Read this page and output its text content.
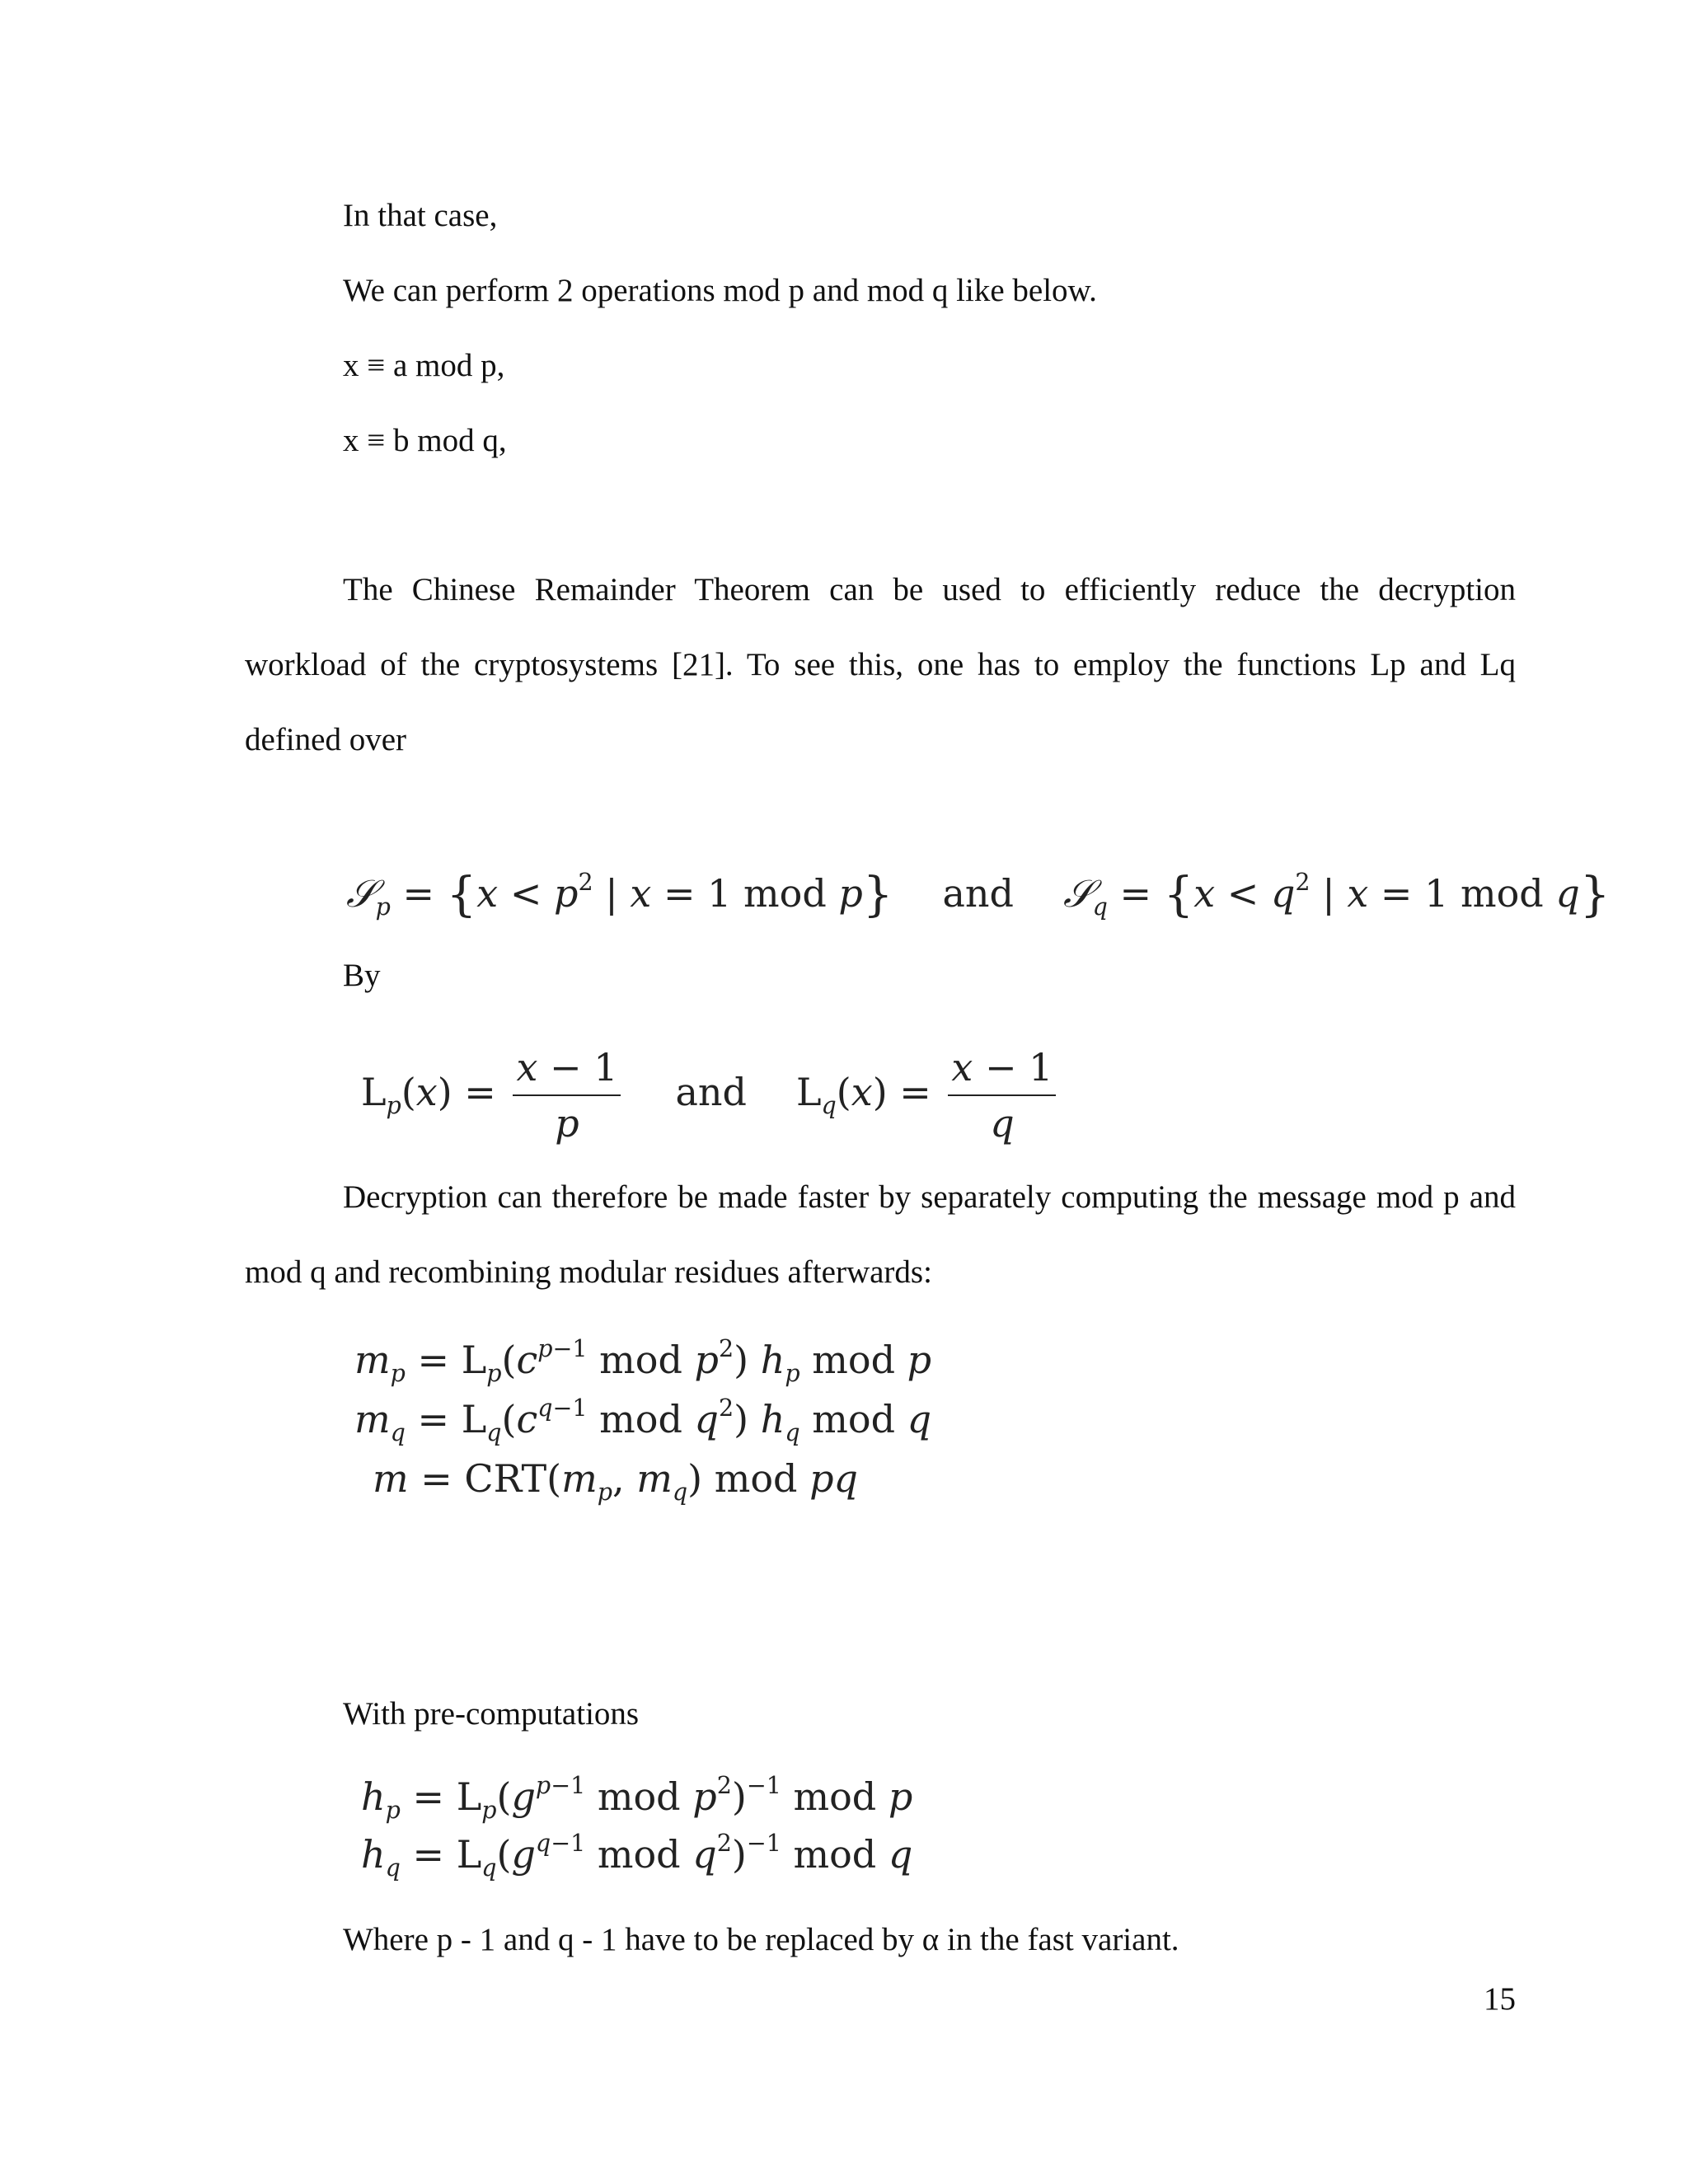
In that case,
We can perform 2 operations mod p and mod q like below.
x ≡ a mod p,
x ≡ b mod q,
The Chinese Remainder Theorem can be used to efficiently reduce the decryption
workload of the cryptosystems [21]. To see this, one has to employ the functions Lp and Lq
defined over
𝒮$_p$ = {$x < p^2$ | x = 1 mod p} and 𝒮$_q$ = {$x < q^2$ | x = 1 mod q}
By
$L_p(x) = \frac{x - 1}{p}$ and $L_q(x) = \frac{x - 1}{q}$
Decryption can therefore be made faster by separately computing the message mod p and
mod q and recombining modular residues afterwards:
$m_p = L_p(c^{p-1}$ mod $p^2$) $h_p$ mod p
$m_q = L_q(c^{q-1}$ mod $q^2$) $h_q$ mod q
$m = CRT(m_p$, $m_q$) mod pq
With pre-computations
$h_p = L_p(g^{p-1}$ mod $p^2)^{-1}$ mod p
$h_q = L_q(g^{q-1}$ mod $q^2)^{-1}$ mod q
Where p - 1 and q - 1 have to be replaced by α in the fast variant.
15
